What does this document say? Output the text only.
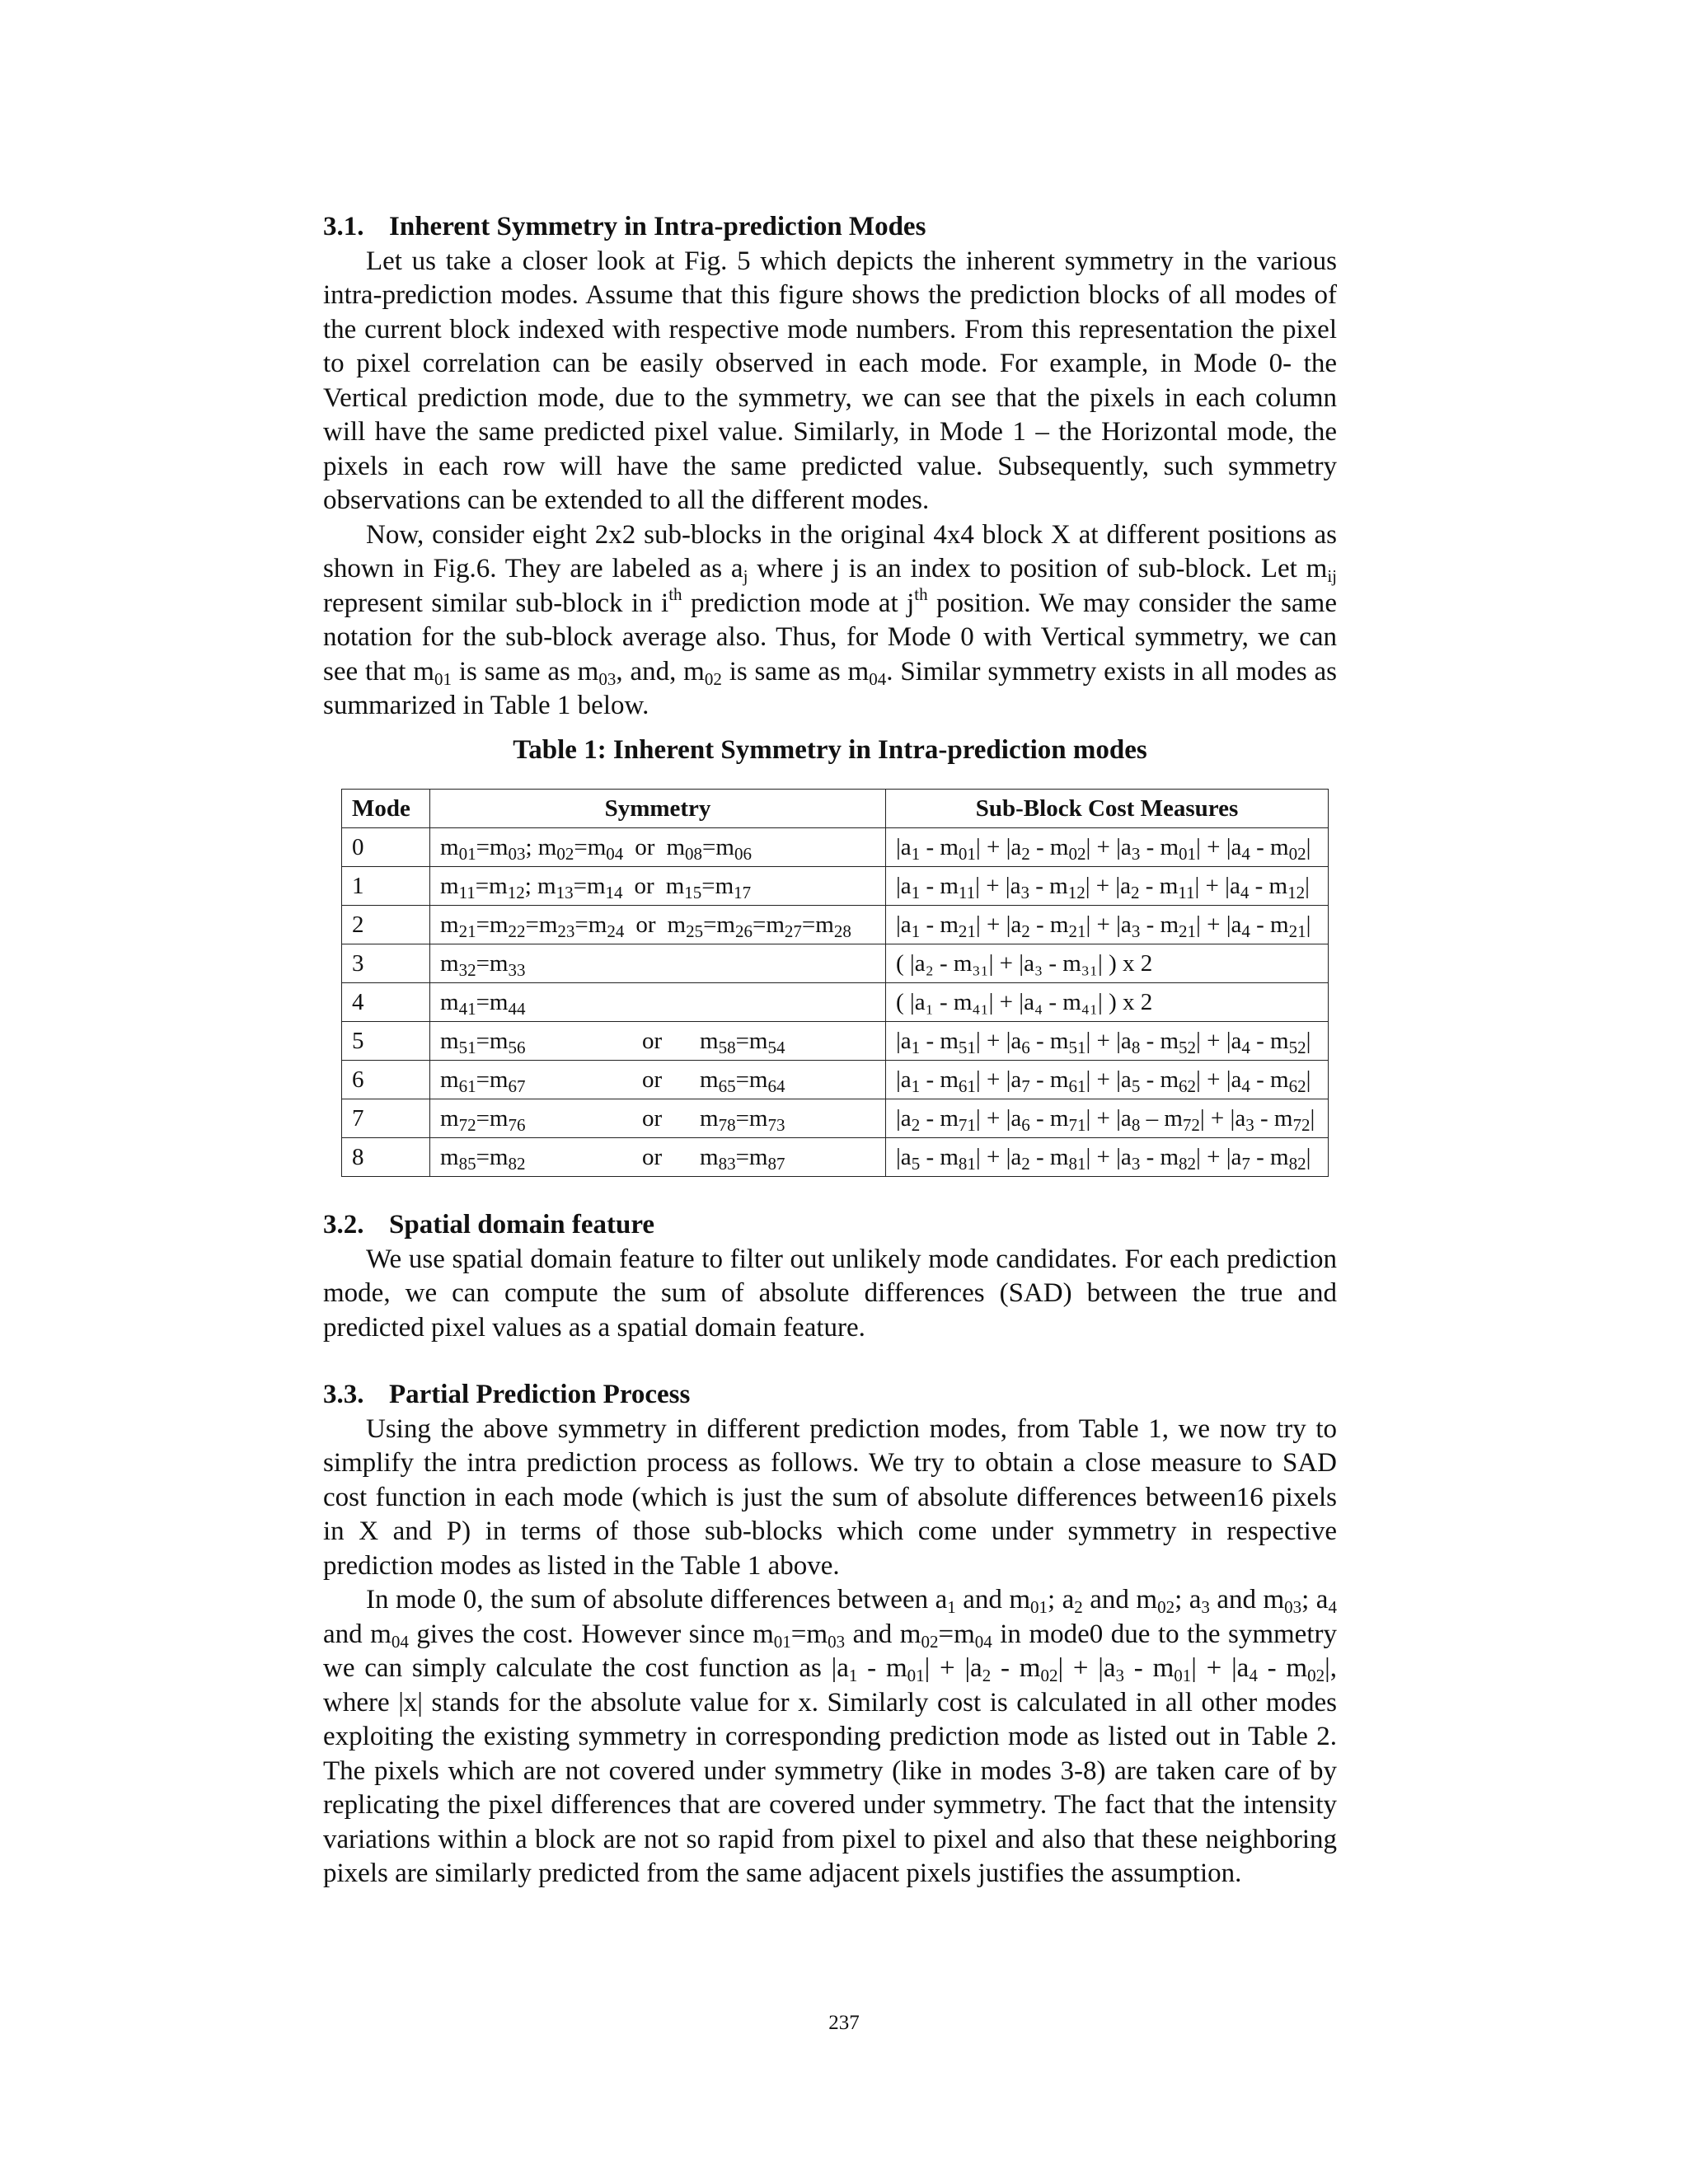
3.1. Inherent Symmetry in Intra-prediction Modes

Let us take a closer look at Fig. 5 which depicts the inherent symmetry in the various intra-prediction modes. Assume that this figure shows the prediction blocks of all modes of the current block indexed with respective mode numbers. From this representation the pixel to pixel correlation can be easily observed in each mode. For example, in Mode 0- the Vertical prediction mode, due to the symmetry, we can see that the pixels in each column will have the same predicted pixel value. Similarly, in Mode 1 – the Horizontal mode, the pixels in each row will have the same predicted value. Subsequently, such symmetry observations can be extended to all the different modes.

Now, consider eight 2x2 sub-blocks in the original 4x4 block X at different positions as shown in Fig.6. They are labeled as $a_j$ where j is an index to position of sub-block. Let $m_{ij}$ represent similar sub-block in $i^{th}$ prediction mode at $j^{th}$ position. We may consider the same notation for the sub-block average also. Thus, for Mode 0 with Vertical symmetry, we can see that $m_{01}$ is same as $m_{03}$, and, $m_{02}$ is same as $m_{04}$. Similar symmetry exists in all modes as summarized in Table 1 below.

Table 1: Inherent Symmetry in Intra-prediction modes
Mode	Symmetry	Sub-Block Cost Measures
0	$m_{01}=m_{03}$; $m_{02}=m_{04}$ or $m_{08}=m_{06}$	$|a_1 - m_{01}| + |a_2 - m_{02}| + |a_3 - m_{01}| + |a_4 - m_{02}|$
1	$m_{11}=m_{12}$; $m_{13}=m_{14}$ or $m_{15}=m_{17}$	$|a_1 - m_{11}| + |a_3 - m_{12}| + |a_2 - m_{11}| + |a_4 - m_{12}|$
2	$m_{21}=m_{22}=m_{23}=m_{24}$ or $m_{25}=m_{26}=m_{27}=m_{28}$	$|a_1 - m_{21}| + |a_2 - m_{21}| + |a_3 - m_{21}| + |a_4 - m_{21}|$
3	$m_{32}=m_{33}$	( |a₂ - m₃₁| + |a₃ - m₃₁| ) x 2
4	$m_{41}=m_{44}$	( |a₁ - m₄₁| + |a₄ - m₄₁| ) x 2
5	$m_{51}=m_{56}$ or $m_{58}=m_{54}$	$|a_1 - m_{51}| + |a_6 - m_{51}| + |a_8 - m_{52}| + |a_4 - m_{52}|$
6	$m_{61}=m_{67}$ or $m_{65}=m_{64}$	$|a_1 - m_{61}| + |a_7 - m_{61}| + |a_5 - m_{62}| + |a_4 - m_{62}|$
7	$m_{72}=m_{76}$ or $m_{78}=m_{73}$	$|a_2 - m_{71}| + |a_6 - m_{71}| + |a_8 - m_{72}| + |a_3 - m_{72}|$
8	$m_{85}=m_{82}$ or $m_{83}=m_{87}$	$|a_5 - m_{81}| + |a_2 - m_{81}| + |a_3 - m_{82}| + |a_7 - m_{82}|$
3.2. Spatial domain feature

We use spatial domain feature to filter out unlikely mode candidates. For each prediction mode, we can compute the sum of absolute differences (SAD) between the true and predicted pixel values as a spatial domain feature.

3.3. Partial Prediction Process

Using the above symmetry in different prediction modes, from Table 1, we now try to simplify the intra prediction process as follows. We try to obtain a close measure to SAD cost function in each mode (which is just the sum of absolute differences between16 pixels in X and P) in terms of those sub-blocks which come under symmetry in respective prediction modes as listed in the Table 1 above.

In mode 0, the sum of absolute differences between $a_1$ and $m_{01}$; $a_2$ and $m_{02}$; $a_3$ and $m_{03}$; $a_4$ and $m_{04}$ gives the cost. However since $m_{01}=m_{03}$ and $m_{02}=m_{04}$ in mode0 due to the symmetry we can simply calculate the cost function as $|a_1 - m_{01}| + |a_2 - m_{02}| + |a_3 - m_{01}| + |a_4 - m_{02}|$, where |x| stands for the absolute value for x. Similarly cost is calculated in all other modes exploiting the existing symmetry in corresponding prediction mode as listed out in Table 2. The pixels which are not covered under symmetry (like in modes 3-8) are taken care of by replicating the pixel differences that are covered under symmetry. The fact that the intensity variations within a block are not so rapid from pixel to pixel and also that these neighboring pixels are similarly predicted from the same adjacent pixels justifies the assumption.

237
